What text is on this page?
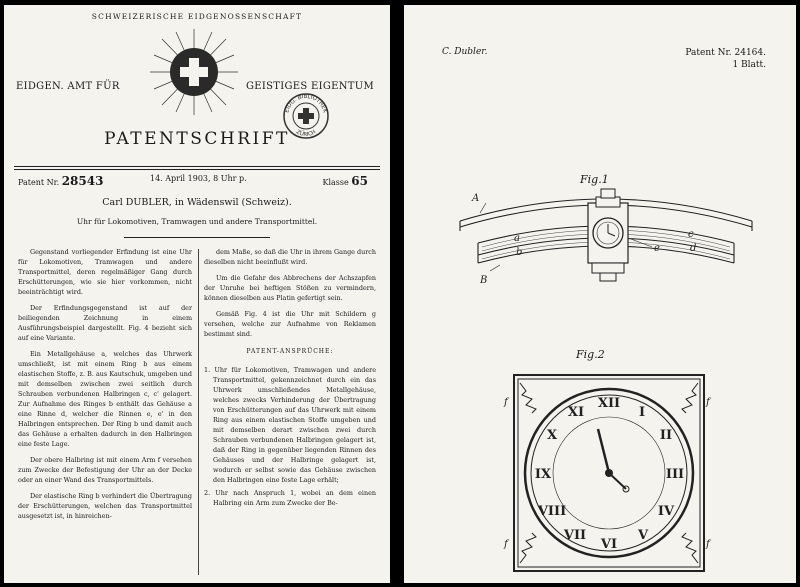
SCHWEIZERISCHE EIDGENOSSENSCHAFT
EIDGEN. AMT FÜR	GEISTIGES EIGENTUM
EIDG. BIBLIOTHEK
ZÜRICH
PATENTSCHRIFT
Patent Nr. 28543	14. April 1903, 8 Uhr p.	Klasse 65
Carl DUBLER, in Wädenswil (Schweiz).
Uhr für Lokomotiven, Tramwagen und andere Transportmittel.

Gegenstand vorliegender Erfindung ist eine Uhr für Lokomotiven, Tramwagen und andere Transportmittel, deren regelmäßiger Gang durch Erschütterungen, wie sie hier vorkommen, nicht beeinträchtigt wird.

Der Erfindungsgegenstand ist auf der beiliegenden Zeichnung in einem Ausführungsbeispiel dargestellt. Fig. 4 bezieht sich auf eine Variante.

Ein Metallgehäuse a, welches das Uhrwerk umschließt, ist mit einem Ring b aus einem elastischen Stoffe, z. B. aus Kautschuk, umgeben und mit demselben zwischen zwei seitlich durch Schrauben verbundenen Halbringen c, c' gelagert. Zur Aufnahme des Ringes b enthält das Gehäuse a eine Rinne d, welcher die Rinnen e, e' in den Halbringen entsprechen. Der Ring b und damit auch das Gehäuse a erhalten dadurch in den Halbringen eine feste Lage.

Der obere Halbring ist mit einem Arm f versehen zum Zwecke der Befestigung der Uhr an der Decke oder an einer Wand des Transportmittels.

Der elastische Ring b verhindert die Übertragung der Erschütterungen, welchen das Transportmittel ausgesetzt ist, in hinreichen-

dem Maße, so daß die Uhr in ihrem Gange durch dieselben nicht beeinflußt wird.

Um die Gefahr des Abbrechens der Achszapfen der Unruhe bei heftigen Stößen zu vermindern, können dieselben aus Platin gefertigt sein.

Gemäß Fig. 4 ist die Uhr mit Schildern g versehen, welche zur Aufnahme von Reklamen bestimmt sind.

PATENT-ANSPRÜCHE:
1. Uhr für Lokomotiven, Tramwagen und andere Transportmittel, gekennzeichnet durch ein das Uhrwerk umschließendes Metallgehäuse, welches zwecks Verhinderung der Übertragung von Erschütterungen auf das Uhrwerk mit einem Ring aus einem elastischen Stoffe umgeben und mit demselben derart zwischen zwei durch Schrauben verbundenen Halbringen gelagert ist, daß der Ring in gegenüber liegenden Rinnen des Gehäuses und der Halbringe gelagert ist, wodurch er selbst sowie das Gehäuse zwischen den Halbringen eine feste Lage erhält;
2. Uhr nach Anspruch 1, wobei an dem einen Halbring ein Arm zum Zwecke der Be-
C. Dubler.	Patent Nr. 24164.
1 Blatt.
Fig.1
A
a
b
c
d
B
e
Fig.2
XII
I
II
III
IV
V
VI
VII
VIII
IX
X
XI
f	f
f	f
